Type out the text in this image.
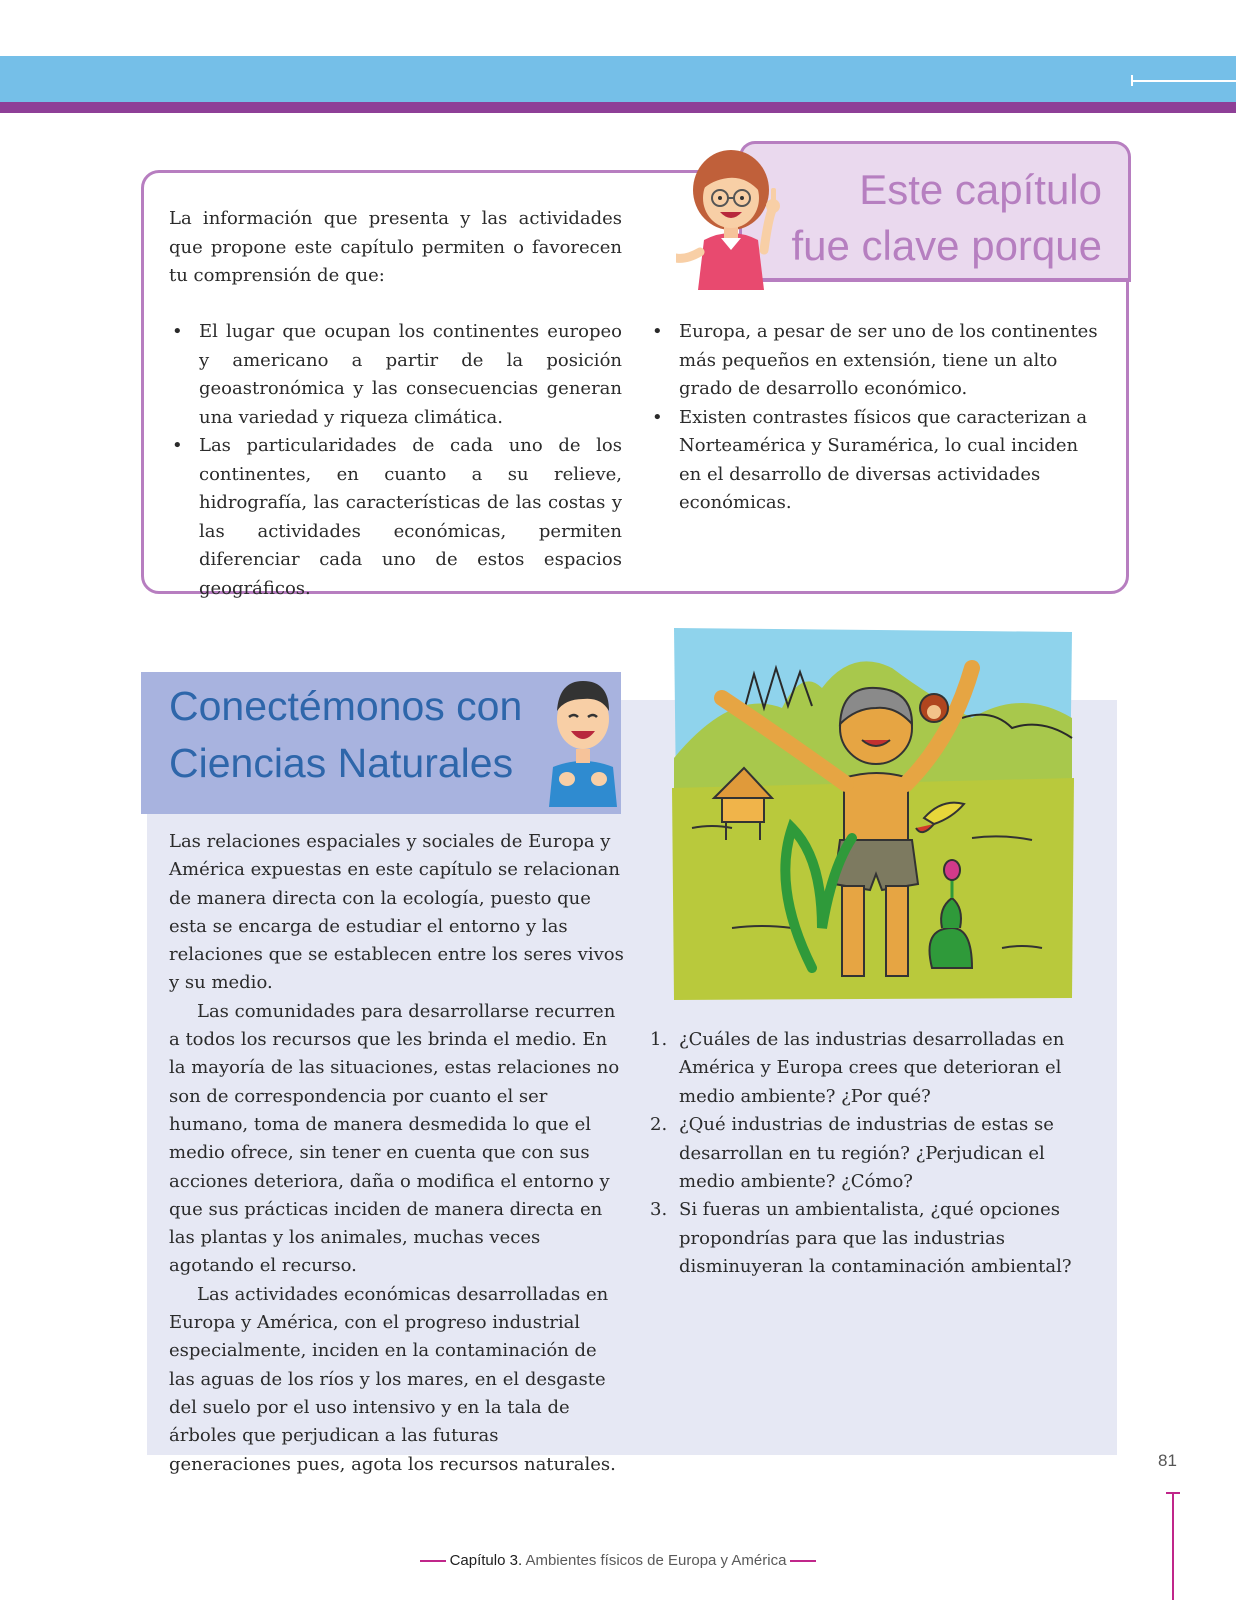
Este capítulo
fue clave porque
La información que presenta y las actividades que propone este capítulo permiten o favorecen tu comprensión de que:
• El lugar que ocupan los continentes europeo y americano a partir de la posición geoastronómica y las consecuencias generan una variedad y riqueza climática.
• Las particularidades de cada uno de los continentes, en cuanto a su relieve, hidrografía, las características de las costas y las actividades económicas, permiten diferenciar cada uno de estos espacios geográficos.
• Europa, a pesar de ser uno de los continentes más pequeños en extensión, tiene un alto grado de desarrollo económico.
• Existen contrastes físicos que caracterizan a Norteamérica y Suramérica, lo cual inciden en el desarrollo de diversas actividades económicas.
Conectémonos con
Ciencias Naturales

Las relaciones espaciales y sociales de Europa y América expuestas en este capítulo se relacionan de manera directa con la ecología, puesto que esta se encarga de estudiar el entorno y las relaciones que se establecen entre los seres vivos y su medio.

Las comunidades para desarrollarse recurren a todos los recursos que les brinda el medio. En la mayoría de las situaciones, estas relaciones no son de correspondencia por cuanto el ser humano, toma de manera desmedida lo que el medio ofrece, sin tener en cuenta que con sus acciones deteriora, daña o modifica el entorno y que sus prácticas inciden de manera directa en las plantas y los animales, muchas veces agotando el recurso.

Las actividades económicas desarrolladas en Europa y América, con el progreso industrial especialmente, inciden en la contaminación de las aguas de los ríos y los mares, en el desgaste del suelo por el uso intensivo y en la tala de árboles que perjudican a las futuras generaciones pues, agota los recursos naturales.

1. ¿Cuáles de las industrias desarrolladas en América y Europa crees que deterioran el medio ambiente? ¿Por qué?
2. ¿Qué industrias de industrias de estas se desarrollan en tu región? ¿Perjudican el medio ambiente? ¿Cómo?
3. Si fueras un ambientalista, ¿qué opciones propondrías para que las industrias disminuyeran la contaminación ambiental?
81
Capítulo 3. Ambientes físicos de Europa y América
